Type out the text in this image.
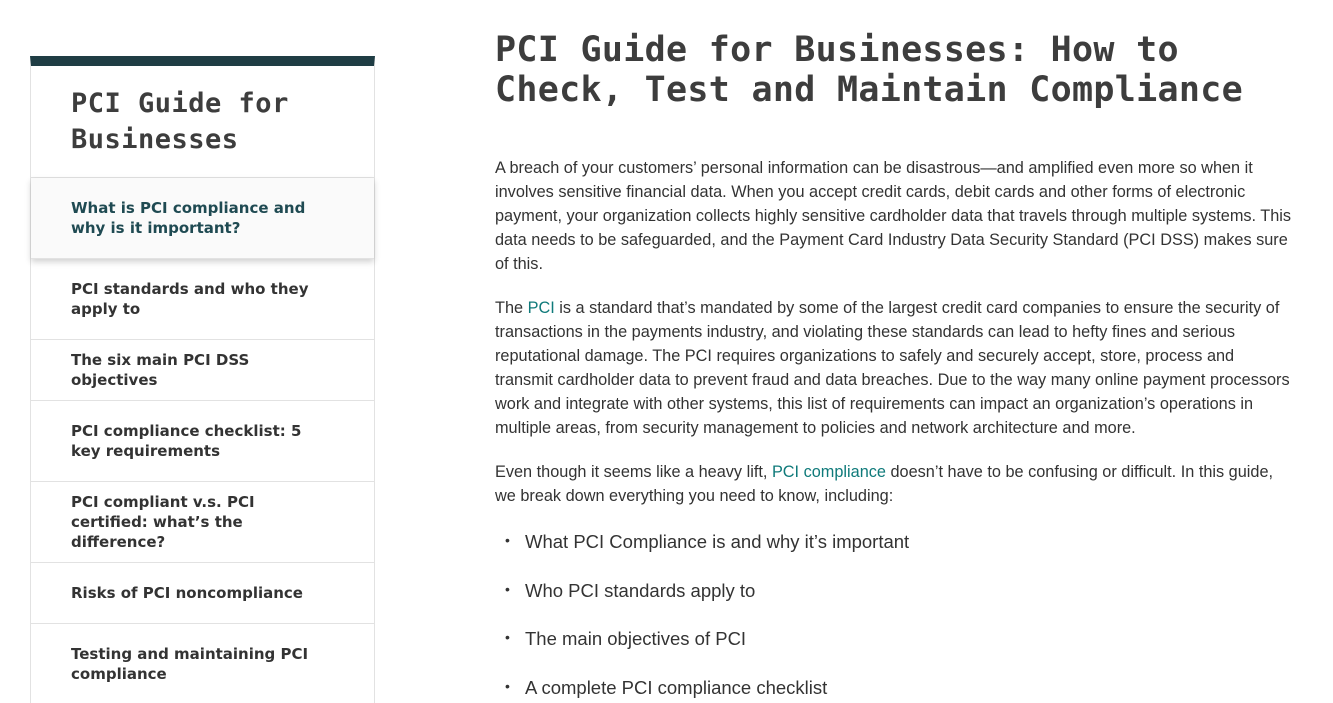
PCI Guide for Businesses
What is PCI compliance and why is it important?
PCI standards and who they apply to
The six main PCI DSS objectives
PCI compliance checklist: 5 key requirements
PCI compliant v.s. PCI certified: what’s the difference?
Risks of PCI noncompliance
Testing and maintaining PCI compliance
PCI Guide for Businesses: How to Check, Test and Maintain Compliance

A breach of your customers’ personal information can be disastrous—and amplified even more so when it involves sensitive financial data. When you accept credit cards, debit cards and other forms of electronic payment, your organization collects highly sensitive cardholder data that travels through multiple systems. This data needs to be safeguarded, and the Payment Card Industry Data Security Standard (PCI DSS) makes sure of this.

The PCI is a standard that’s mandated by some of the largest credit card companies to ensure the security of transactions in the payments industry, and violating these standards can lead to hefty fines and serious reputational damage. The PCI requires organizations to safely and securely accept, store, process and transmit cardholder data to prevent fraud and data breaches. Due to the way many online payment processors work and integrate with other systems, this list of requirements can impact an organization’s operations in multiple areas, from security management to policies and network architecture and more.

Even though it seems like a heavy lift, PCI compliance doesn’t have to be confusing or difficult. In this guide, we break down everything you need to know, including:

• What PCI Compliance is and why it’s important
• Who PCI standards apply to
• The main objectives of PCI
• A complete PCI compliance checklist
